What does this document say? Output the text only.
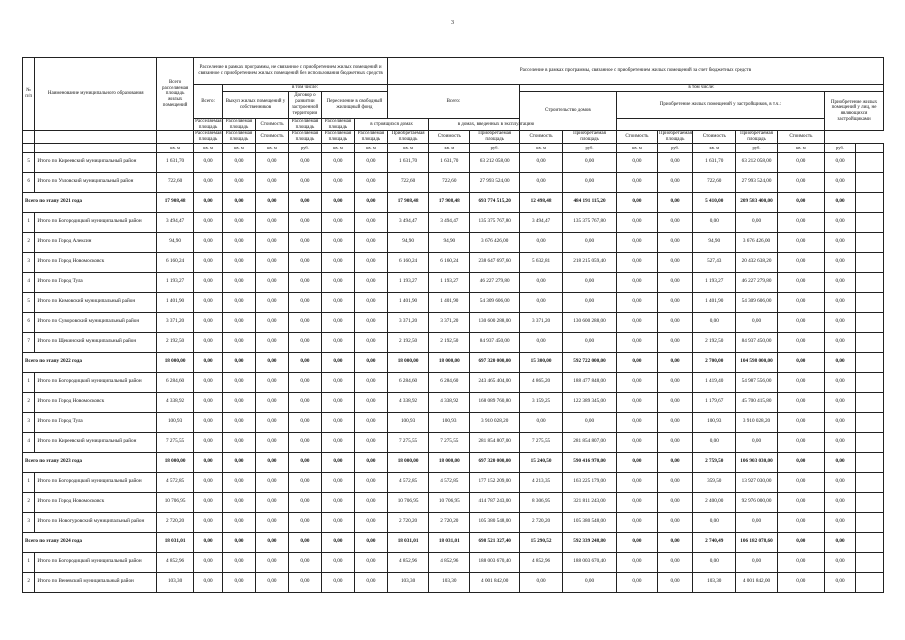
3
№ п/п	Наименование муниципального образования	Всего расселяемая площадь жилых помещений	Расселение в рамках программы, не связанное с приобретением жилых помещений и связанное с приобретением жилых помещений без использования бюджетных средств						Расселение в рамках программы, связанное с приобретением жилых помещений за счет бюджетных средств											
			Всего:	в том числе:					Всего:			в том числе:								
				Выкуп жилых помещений у собственников		Договор о развитии застроенной территории	Переселение в свободный жилищный фонд					Строительство домов		Приобретение жилых помещений у застройщиков, в т.ч.:					Приобретение жилых помещений у лиц, не являющихся застройщиками	
			Расселяемая площадь	Расселяемая площадь	Стоимость	Расселяемая площадь	Расселяемая площадь	в строящихся домах		в домах, введенных в эксплуатацию										
			Расселяемая площадь	Расселяемая площадь	Стоимость	Расселяемая площадь	Расселяемая площадь	Расселяемая площадь	Приобретаемая площадь	Стоимость	Приобретаемая площадь	Стоимость	Приобретаемая площадь	Стоимость	Приобретаемая площадь	Стоимость	Приобретаемая площадь	Стоимость		
		кв. м	кв. м	кв. м	кв. м	руб.	кв. м	кв. м	кв. м	кв. м	руб.	кв. м	руб.	кв. м	руб.	кв. м	руб.	кв. м	руб.	
5	Итого по Киреевский муниципальный район	1 631,70	0,00	0,00	0,00	0,00	0,00	0,00	1 631,70	1 631,70	63 212 058,00	0,00	0,00	0,00	0,00	1 631,70	63 212 058,00	0,00	0,00	
6	Итого по Узловский муниципальный район	722,60	0,00	0,00	0,00	0,00	0,00	0,00	722,60	722,60	27 993 524,00	0,00	0,00	0,00	0,00	722,60	27 993 524,00	0,00	0,00	
Всего по этапу 2021 года		17 908,48	0,00	0,00	0,00	0,00	0,00	0,00	17 908,48	17 908,48	693 774 515,20	12 498,48	484 191 115,20	0,00	0,00	5 410,00	209 583 400,00	0,00	0,00	
1	Итого по Богородицкий муниципальный район	3 494,47	0,00	0,00	0,00	0,00	0,00	0,00	3 494,47	3 494,47	135 375 767,80	3 494,47	135 375 767,80	0,00	0,00	0,00	0,00	0,00	0,00	
2	Итого по Город Алексин	94,90	0,00	0,00	0,00	0,00	0,00	0,00	94,90	94,90	3 676 426,00	0,00	0,00	0,00	0,00	94,90	3 676 426,00	0,00	0,00	
3	Итого по Город Новомосковск	6 160,24	0,00	0,00	0,00	0,00	0,00	0,00	6 160,24	6 160,24	238 647 697,60	5 632,81	218 215 059,40	0,00	0,00	527,43	20 432 638,20	0,00	0,00	
4	Итого по Город Тула	1 193,27	0,00	0,00	0,00	0,00	0,00	0,00	1 193,27	1 193,27	46 227 279,80	0,00	0,00	0,00	0,00	1 193,27	46 227 279,80	0,00	0,00	
5	Итого по Кимовский муниципальный район	1 401,90	0,00	0,00	0,00	0,00	0,00	0,00	1 401,90	1 401,90	54 309 606,00	0,00	0,00	0,00	0,00	1 401,90	54 309 606,00	0,00	0,00	
6	Итого по Суворовский муниципальный район	3 371,20	0,00	0,00	0,00	0,00	0,00	0,00	3 371,20	3 371,20	130 600 288,00	3 371,20	130 600 288,00	0,00	0,00	0,00	0,00	0,00	0,00	
7	Итого по Щекинский муниципальный район	2 192,50	0,00	0,00	0,00	0,00	0,00	0,00	2 192,50	2 192,50	84 937 450,00	0,00	0,00	0,00	0,00	2 192,50	84 937 450,00	0,00	0,00	
Всего по этапу 2022 года		18 000,00	0,00	0,00	0,00	0,00	0,00	0,00	18 000,00	18 000,00	697 320 000,00	15 300,00	592 722 000,00	0,00	0,00	2 700,00	104 598 000,00	0,00	0,00	
1	Итого по Богородицкий муниципальный район	6 284,60	0,00	0,00	0,00	0,00	0,00	0,00	6 284,60	6 284,60	243 465 404,00	4 865,20	188 477 848,00	0,00	0,00	1 419,40	54 987 556,00	0,00	0,00	
2	Итого по Город Новомосковск	4 338,92	0,00	0,00	0,00	0,00	0,00	0,00	4 338,92	4 338,92	168 089 760,80	3 159,25	122 389 345,00	0,00	0,00	1 179,67	45 700 415,80	0,00	0,00	
3	Итого по Город Тула	100,93	0,00	0,00	0,00	0,00	0,00	0,00	100,93	100,93	3 910 028,20	0,00	0,00	0,00	0,00	100,93	3 910 028,20	0,00	0,00	
4	Итого по Киреевский муниципальный район	7 275,55	0,00	0,00	0,00	0,00	0,00	0,00	7 275,55	7 275,55	281 854 807,00	7 275,55	281 854 807,00	0,00	0,00	0,00	0,00	0,00	0,00	
Всего по этапу 2023 года		18 000,00	0,00	0,00	0,00	0,00	0,00	0,00	18 000,00	18 000,00	697 320 000,00	15 240,50	590 416 970,00	0,00	0,00	2 759,50	106 903 030,00	0,00	0,00	
1	Итого по Богородицкий муниципальный район	4 572,85	0,00	0,00	0,00	0,00	0,00	0,00	4 572,85	4 572,85	177 152 209,00	4 213,35	163 225 179,00	0,00	0,00	359,50	13 927 030,00	0,00	0,00	
2	Итого по Город Новомосковск	10 706,95	0,00	0,00	0,00	0,00	0,00	0,00	10 706,95	10 706,95	414 787 243,00	8 306,95	321 811 243,00	0,00	0,00	2 400,00	92 976 000,00	0,00	0,00	
3	Итого по Новогуровский муниципальный район	2 720,20	0,00	0,00	0,00	0,00	0,00	0,00	2 720,20	2 720,20	105 380 548,00	2 720,20	105 380 548,00	0,00	0,00	0,00	0,00	0,00	0,00	
Всего по этапу 2024 года		18 031,01	0,00	0,00	0,00	0,00	0,00	0,00	18 031,01	18 031,01	698 521 327,40	15 290,52	592 339 248,80	0,00	0,00	2 740,49	106 182 078,60	0,00	0,00	
1	Итого по Богородицкий муниципальный район	4 852,96	0,00	0,00	0,00	0,00	0,00	0,00	4 852,96	4 852,96	188 003 670,40	4 852,96	188 003 670,40	0,00	0,00	0,00	0,00	0,00	0,00	
2	Итого по Веневский муниципальный район	103,30	0,00	0,00	0,00	0,00	0,00	0,00	103,30	103,30	4 001 842,00	0,00	0,00	0,00	0,00	103,30	4 001 842,00	0,00	0,00	
